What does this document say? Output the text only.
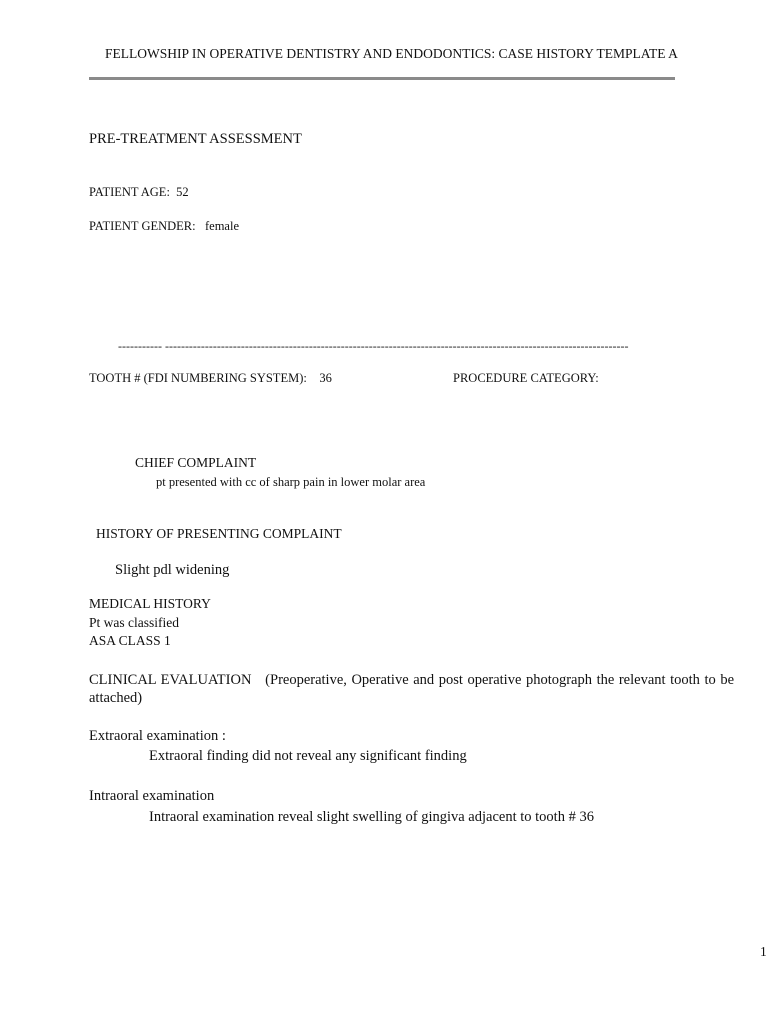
FELLOWSHIP IN OPERATIVE DENTISTRY AND ENDODONTICS: CASE HISTORY TEMPLATE A
PRE-TREATMENT ASSESSMENT
PATIENT AGE: 52
PATIENT GENDER: female
----------- --------------------------------------------------------------------------------------------------------------------
TOOTH # (FDI NUMBERING SYSTEM): 36	PROCEDURE CATEGORY:
CHIEF COMPLAINT
pt presented with cc of sharp pain in lower molar area
HISTORY OF PRESENTING COMPLAINT
Slight pdl widening
MEDICAL HISTORY
Pt was classified
ASA CLASS 1
CLINICAL EVALUATION (Preoperative, Operative and post operative photograph the relevant tooth to be attached)
Extraoral examination :
Extraoral finding did not reveal any significant finding
Intraoral examination
Intraoral examination reveal slight swelling of gingiva adjacent to tooth # 36
1
